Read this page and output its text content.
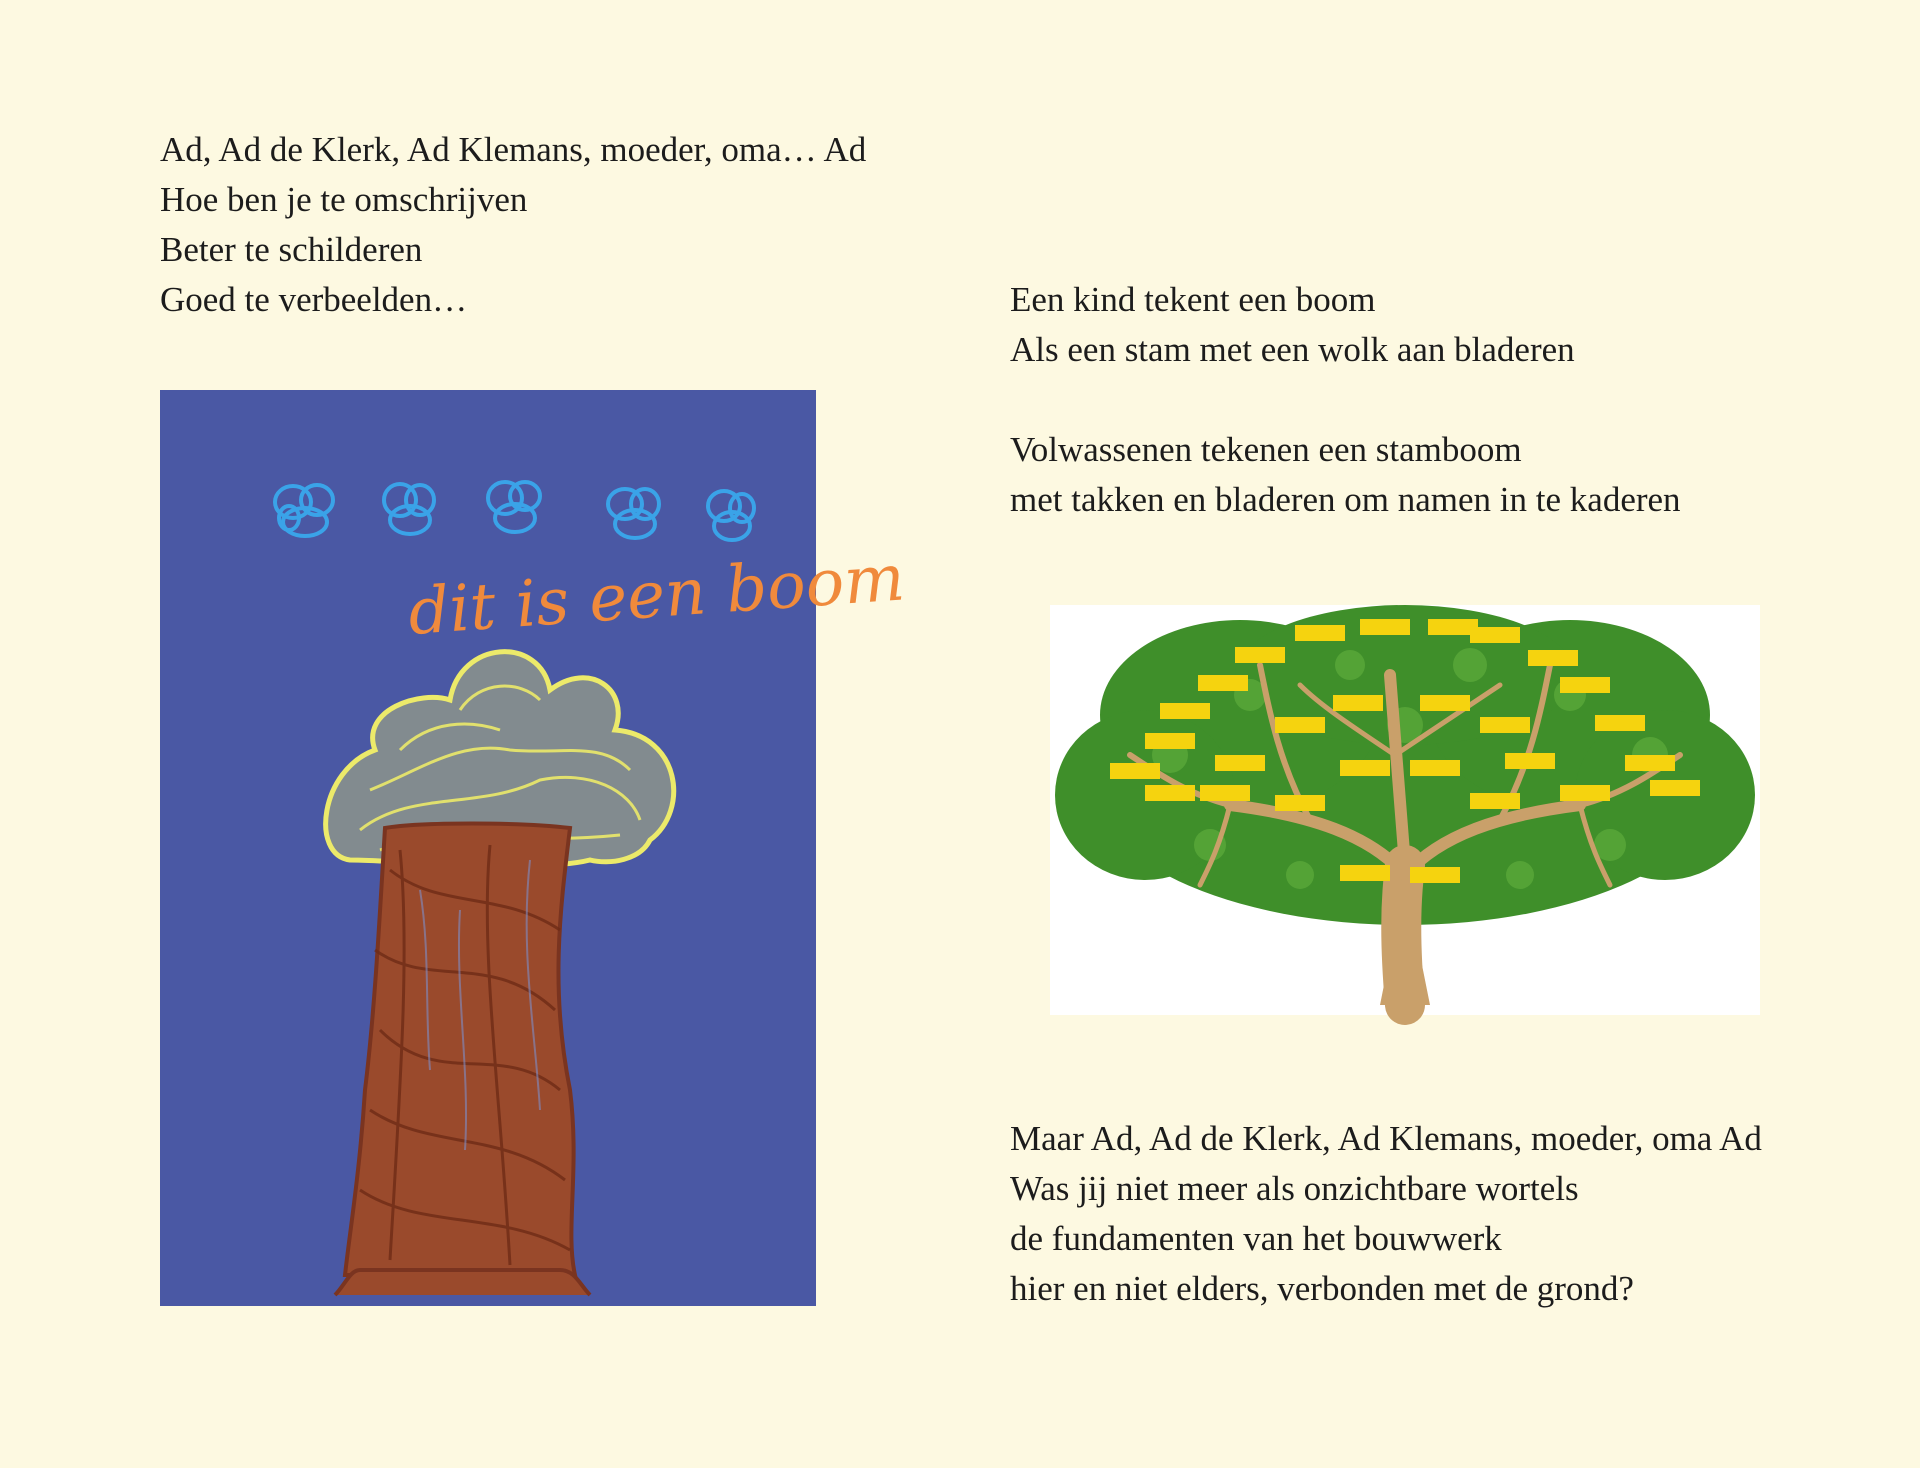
Ad, Ad de Klerk, Ad Klemans, moeder, oma… Ad
Hoe ben je te omschrijven
Beter te schilderen
Goed te verbeelden…	Een kind tekent een boom
Als een stam met een wolk aan bladeren
Volwassenen tekenen een stamboom
met takken en bladeren om namen in te kaderen
Maar Ad, Ad de Klerk, Ad Klemans, moeder, oma Ad
Was jij niet meer als onzichtbare wortels
de fundamenten van het bouwwerk
hier en niet elders, verbonden met de grond?
dit is een boom
